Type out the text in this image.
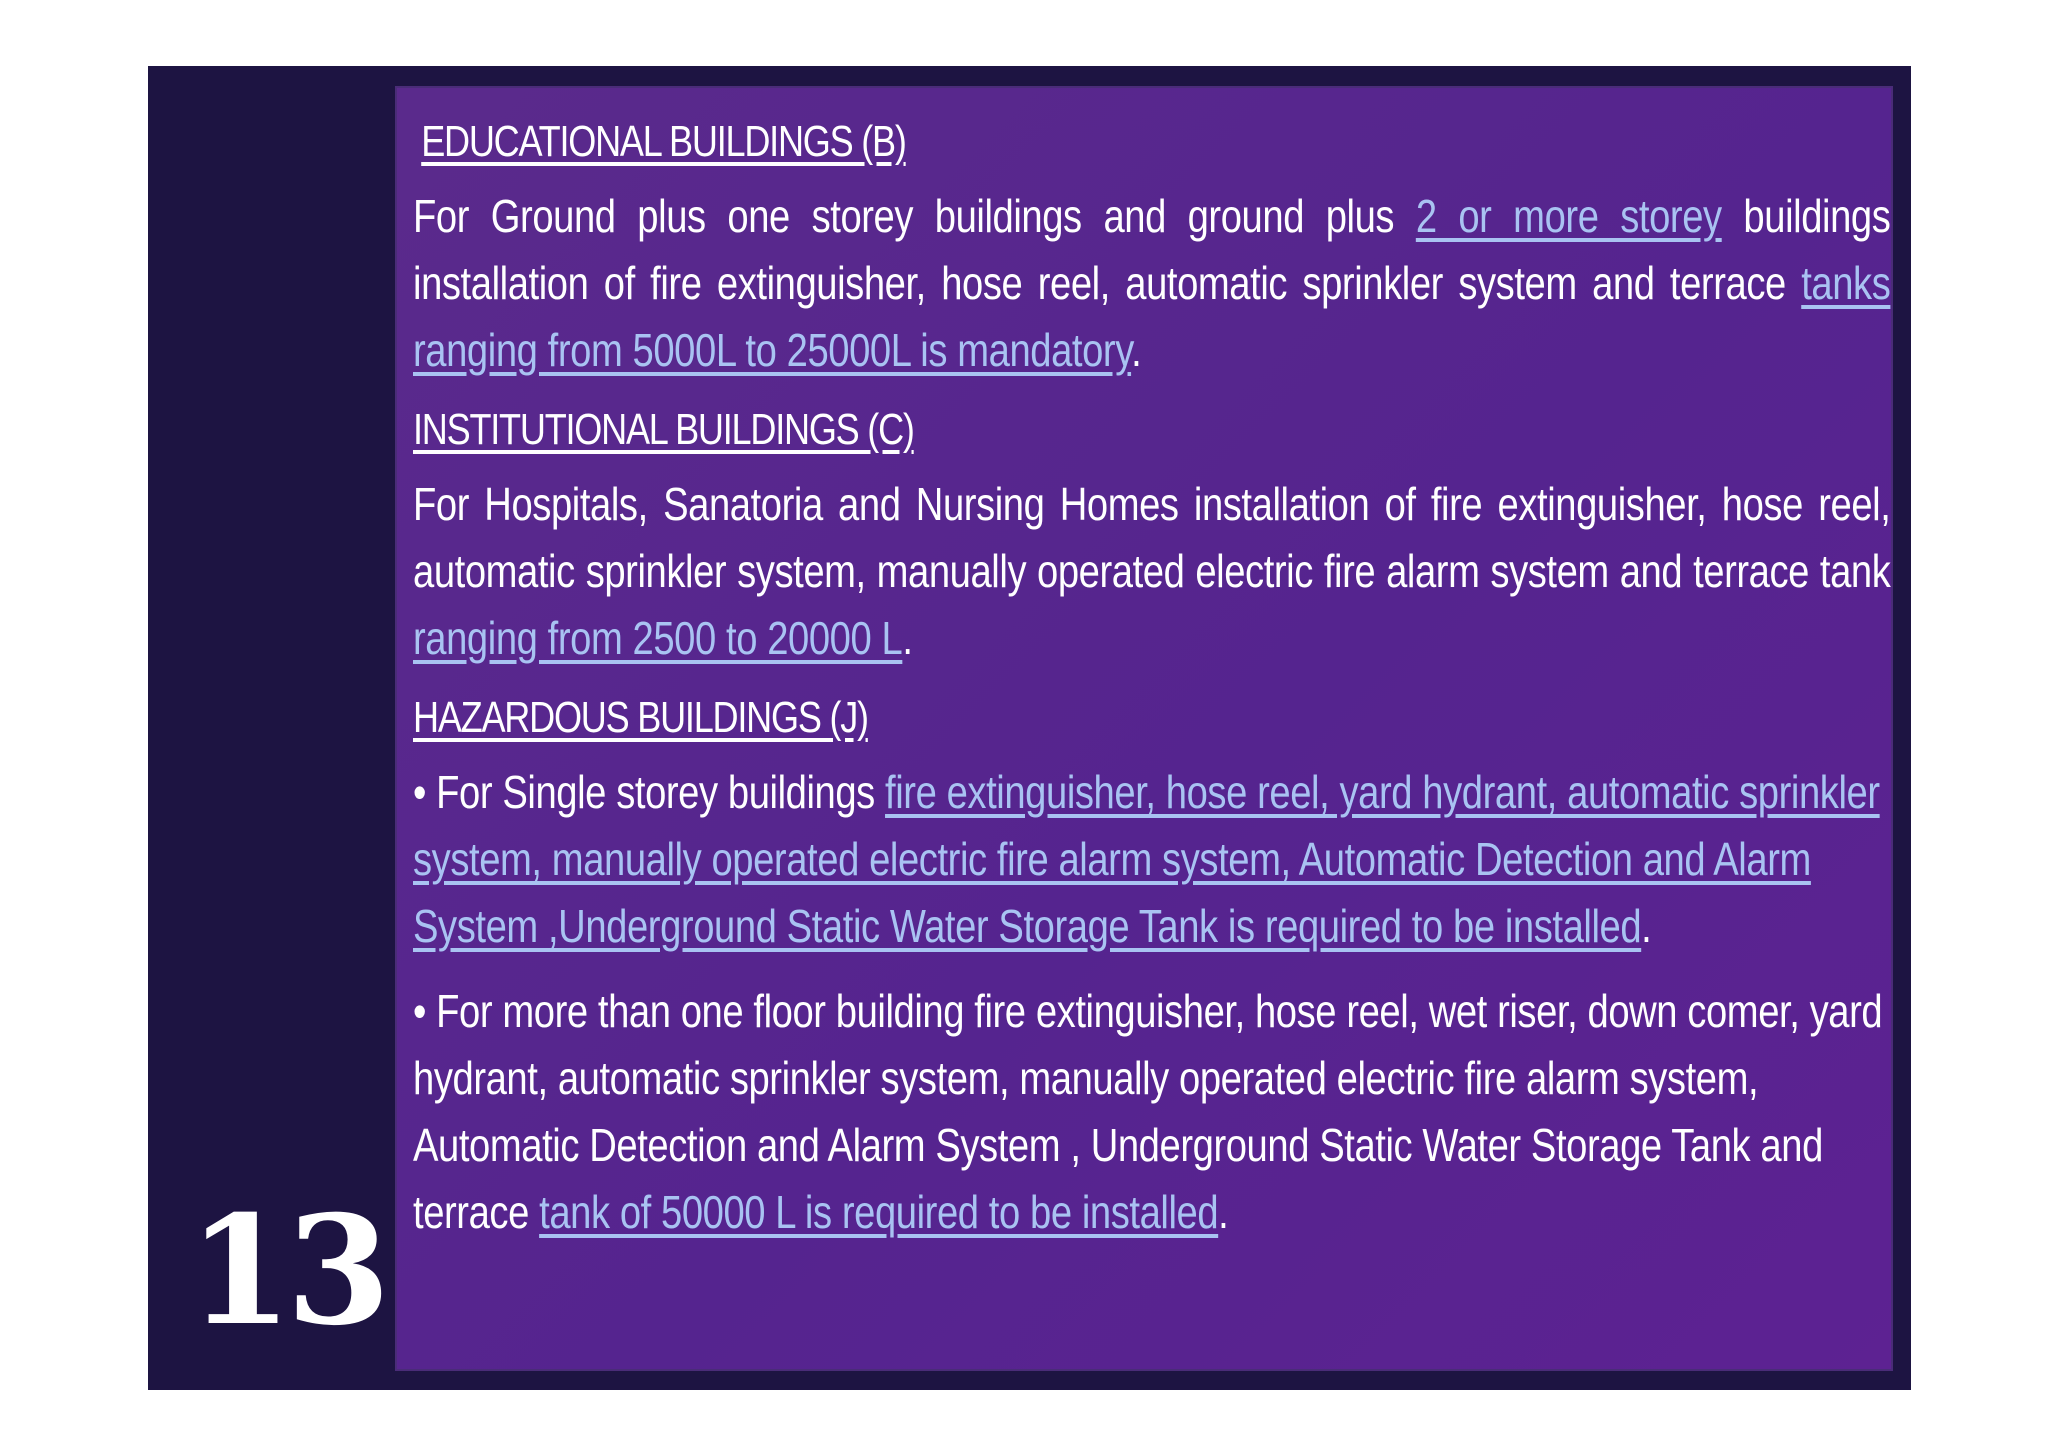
13
EDUCATIONAL BUILDINGS (B)

For Ground plus one storey buildings and ground plus 2 or more storey buildings installation of fire extinguisher, hose reel, automatic sprinkler system and terrace tanks ranging from 5000L to 25000L is mandatory.

INSTITUTIONAL BUILDINGS (C)

For Hospitals, Sanatoria and Nursing Homes installation of fire extinguisher, hose reel, automatic sprinkler system, manually operated electric fire alarm system and terrace tank ranging from 2500 to 20000 L.

HAZARDOUS BUILDINGS (J)

• For Single storey buildings fire extinguisher, hose reel, yard hydrant, automatic sprinkler system, manually operated electric fire alarm system, Automatic Detection and Alarm System ,Underground Static Water Storage Tank is required to be installed.

• For more than one floor building fire extinguisher, hose reel, wet riser, down comer, yard hydrant, automatic sprinkler system, manually operated electric fire alarm system, Automatic Detection and Alarm System , Underground Static Water Storage Tank and terrace tank of 50000 L is required to be installed.
